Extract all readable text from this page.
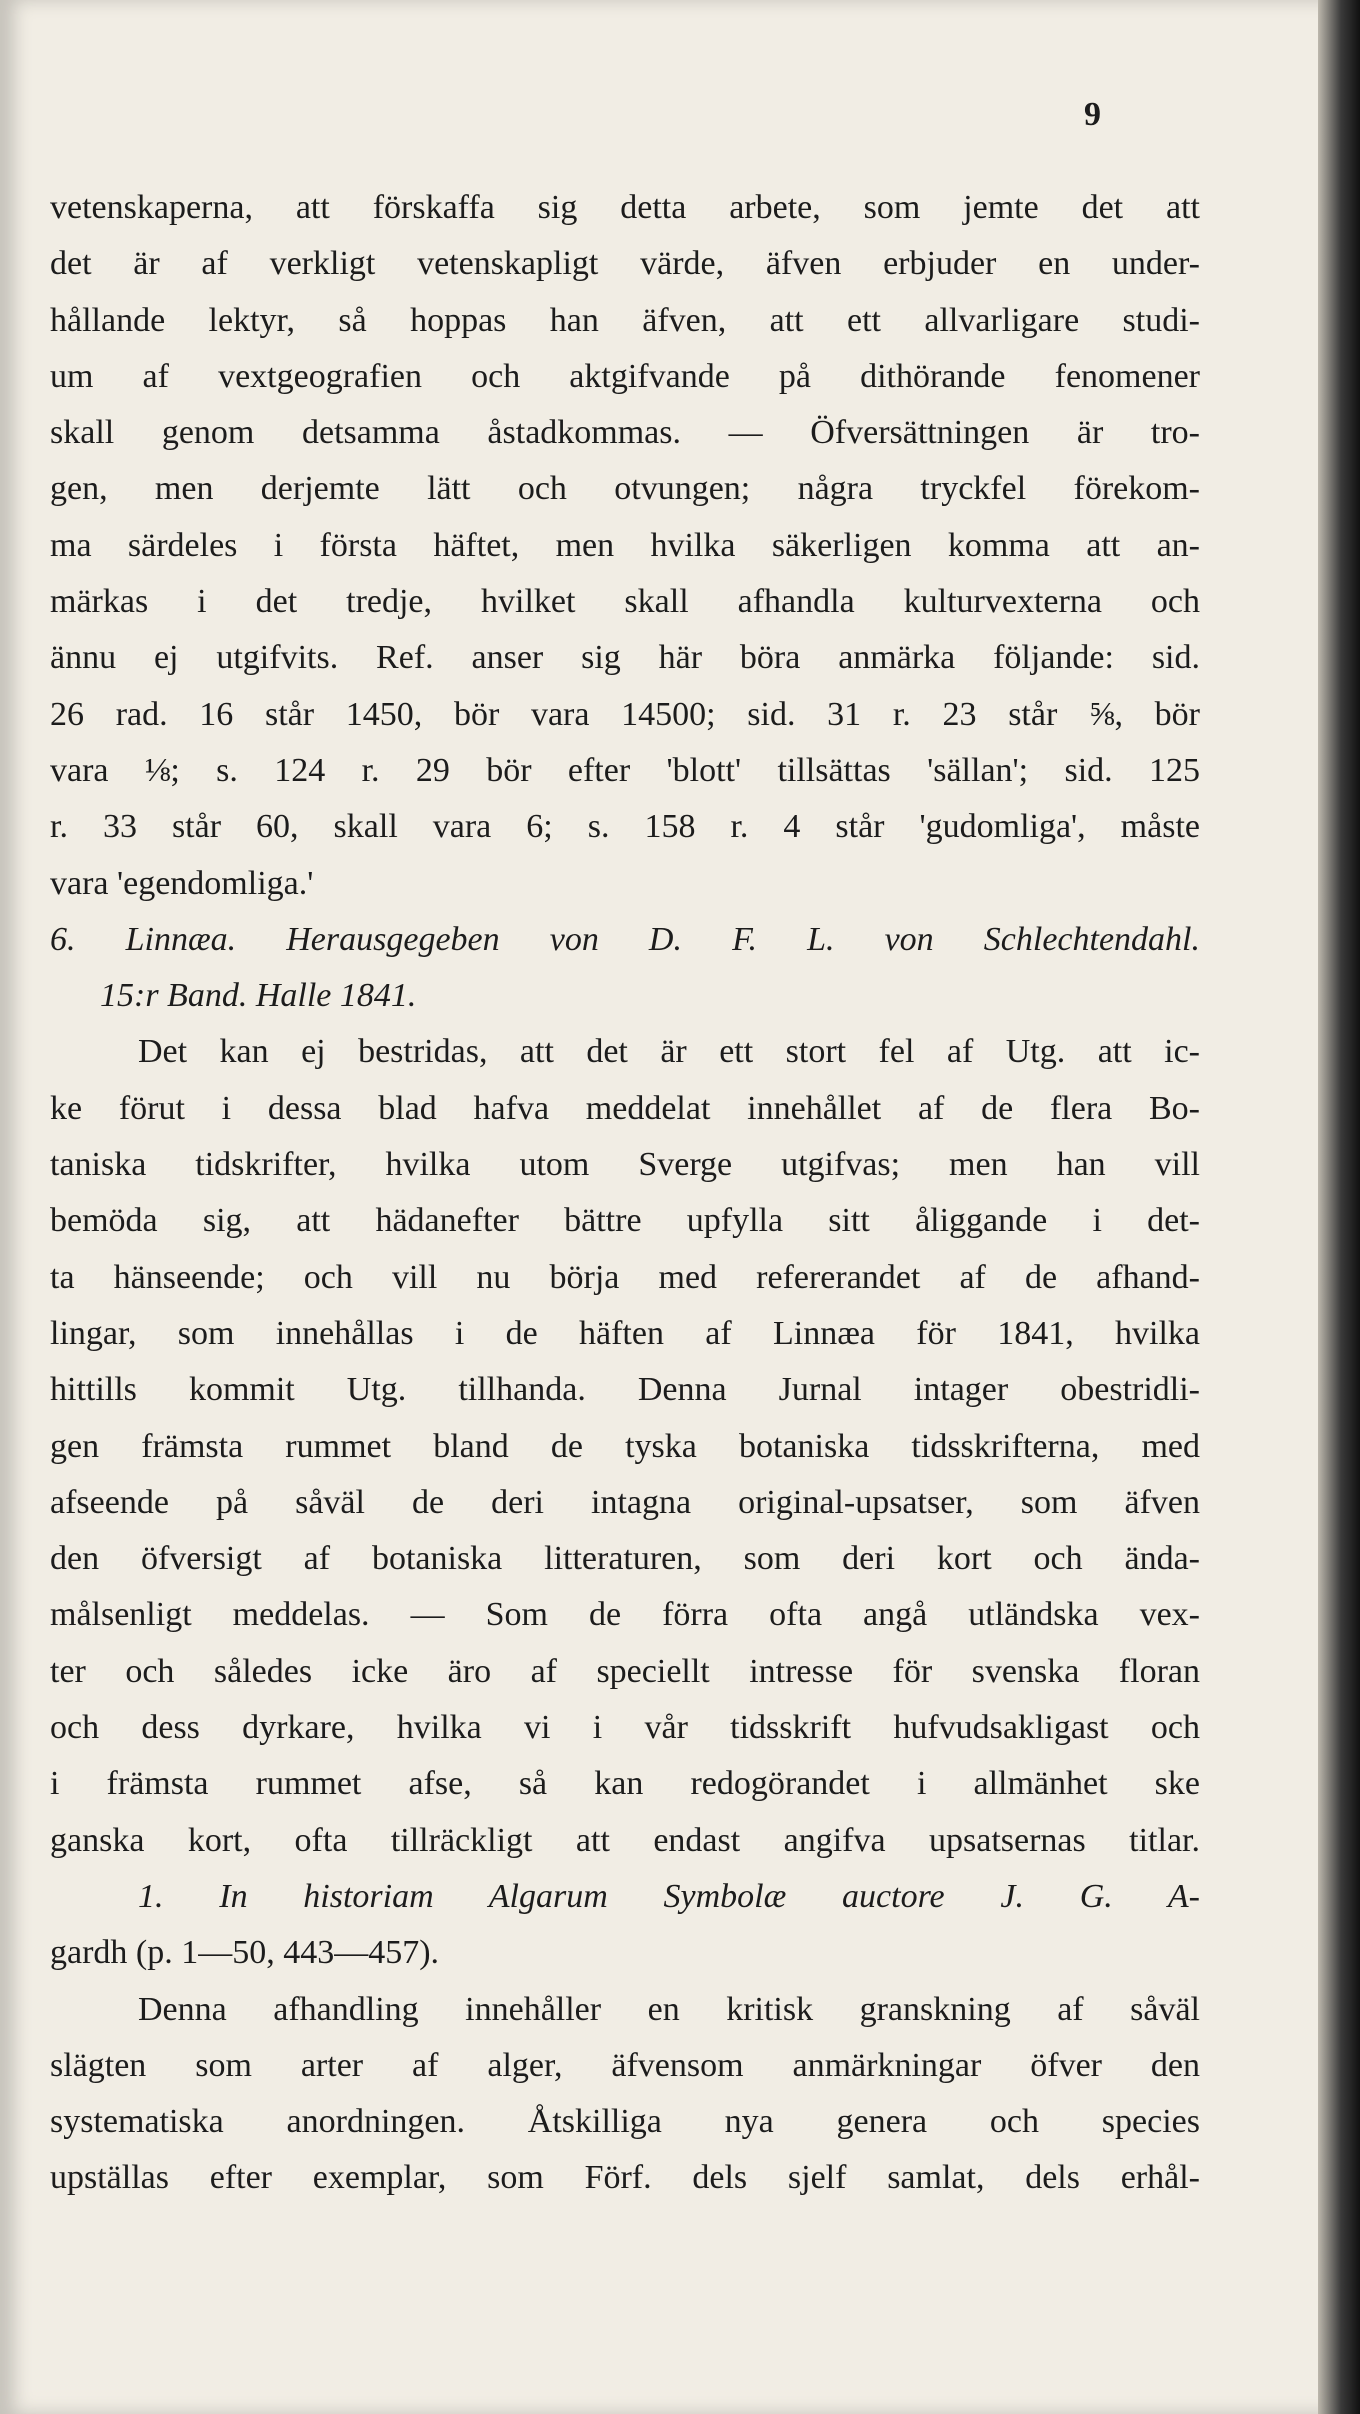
9
vetenskaperna, att förskaffa sig detta arbete, som jemte det att
det är af verkligt vetenskapligt värde, äfven erbjuder en under-
hållande lektyr, så hoppas han äfven, att ett allvarligare studi-
um af vextgeografien och aktgifvande på dithörande fenomener
skall genom detsamma åstadkommas. — Öfversättningen är tro-
gen, men derjemte lätt och otvungen; några tryckfel förekom-
ma särdeles i första häftet, men hvilka säkerligen komma att an-
märkas i det tredje, hvilket skall afhandla kulturvexterna och
ännu ej utgifvits. Ref. anser sig här böra anmärka följande: sid.
26 rad. 16 står 1450, bör vara 14500; sid. 31 r. 23 står ⅝, bör
vara ⅛; s. 124 r. 29 bör efter 'blott' tillsättas 'sällan'; sid. 125
r. 33 står 60, skall vara 6; s. 158 r. 4 står 'gudomliga', måste
vara 'egendomliga.'
6. Linnæa. Herausgegeben von D. F. L. von Schlechtendahl.
15:r Band. Halle 1841.
Det kan ej bestridas, att det är ett stort fel af Utg. att ic-
ke förut i dessa blad hafva meddelat innehållet af de flera Bo-
taniska tidskrifter, hvilka utom Sverge utgifvas; men han vill
bemöda sig, att hädanefter bättre upfylla sitt åliggande i det-
ta hänseende; och vill nu börja med refererandet af de afhand-
lingar, som innehållas i de häften af Linnæa för 1841, hvilka
hittills kommit Utg. tillhanda. Denna Jurnal intager obestridli-
gen främsta rummet bland de tyska botaniska tidsskrifterna, med
afseende på såväl de deri intagna original-upsatser, som äfven
den öfversigt af botaniska litteraturen, som deri kort och ända-
målsenligt meddelas. — Som de förra ofta angå utländska vex-
ter och således icke äro af speciellt intresse för svenska floran
och dess dyrkare, hvilka vi i vår tidsskrift hufvudsakligast och
i främsta rummet afse, så kan redogörandet i allmänhet ske
ganska kort, ofta tillräckligt att endast angifva upsatsernas titlar.
1. In historiam Algarum Symbolæ auctore J. G. A-
gardh (p. 1—50, 443—457).
Denna afhandling innehåller en kritisk granskning af såväl
slägten som arter af alger, äfvensom anmärkningar öfver den
systematiska anordningen. Åtskilliga nya genera och species
upställas efter exemplar, som Förf. dels sjelf samlat, dels erhål-
